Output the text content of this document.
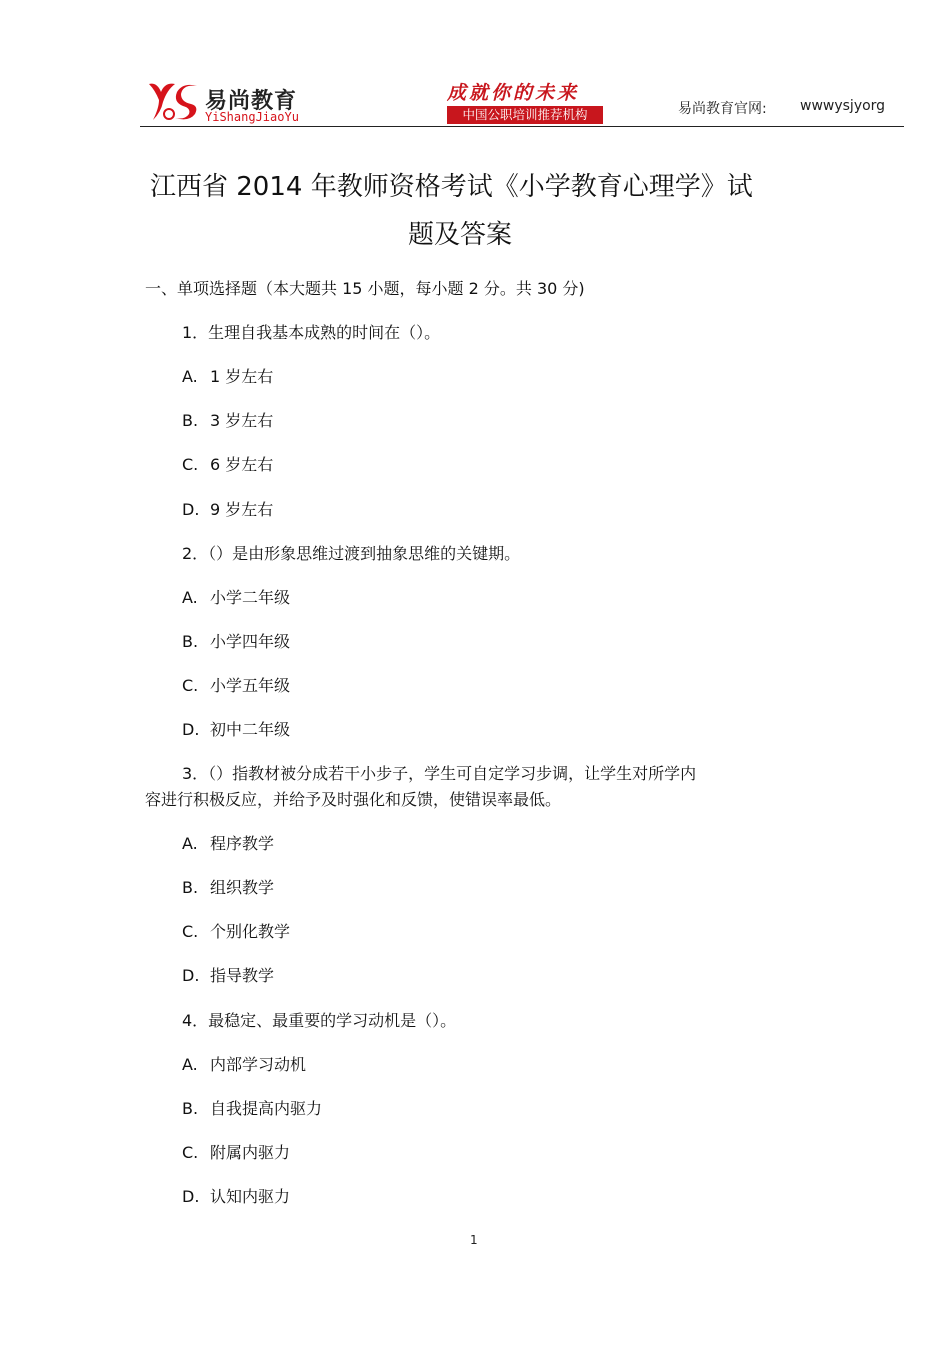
易尚教育
YiShangJiaoYu
成就你的未来
中国公职培训推荐机构	易尚教育官网: wwwysjyorg
江西省 2014 年教师资格考试《小学教育心理学》试
题及答案
一、单项选择题（本大题共 15 小题，每小题 2 分。共 30 分)
1．生理自我基本成熟的时间在（）。
A. 1 岁左右
B. 3 岁左右
C. 6 岁左右
D. 9 岁左右
2．（）是由形象思维过渡到抽象思维的关键期。
A. 小学二年级
B. 小学四年级
C. 小学五年级
D. 初中二年级
3．（）指教材被分成若干小步子，学生可自定学习步调，让学生对所学内
容进行积极反应，并给予及时强化和反馈，使错误率最低。
A. 程序教学
B. 组织教学
C. 个别化教学
D. 指导教学
4．最稳定、最重要的学习动机是（）。
A. 内部学习动机
B. 自我提高内驱力
C. 附属内驱力
D. 认知内驱力
1
